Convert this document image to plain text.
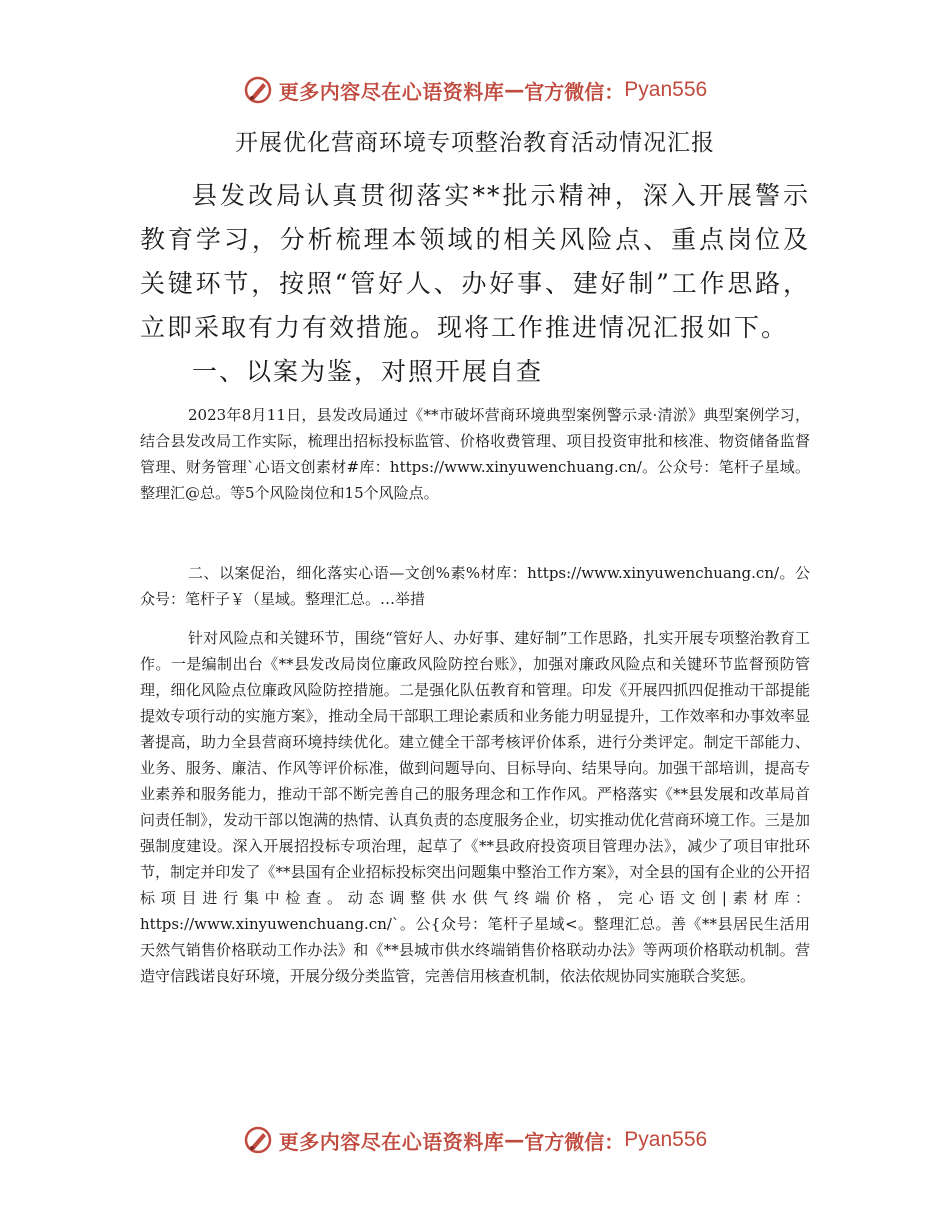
更多内容尽在心语资料库 — 官方微信： Pyan556
开展优化营商环境专项整治教育活动情况汇报
县发改局认真贯彻落实**批示精神，深入开展警示教育学习，分析梳理本领域的相关风险点、重点岗位及关键环节，按照“管好人、办好事、建好制”工作思路，立即采取有力有效措施。现将工作推进情况汇报如下。
一、以案为鉴，对照开展自查
2023年8月11日，县发改局通过《**市破坏营商环境典型案例警示录·清淤》典型案例学习，结合县发改局工作实际，梳理出招标投标监管、价格收费管理、项目投资审批和核准、物资储备监督管理、财务管理`心语文创素材#库：https://www.xinyuwenchuang.cn/。公众号：笔杆子星域。整理汇@总。等5个风险岗位和15个风险点。
二、以案促治，细化落实心语—文创%素%材库：https://www.xinyuwenchuang.cn/。公众号：笔杆子￥（星域。整理汇总。…举措
针对风险点和关键环节，围绕“管好人、办好事、建好制”工作思路，扎实开展专项整治教育工作。一是编制出台《**县发改局岗位廉政风险防控台账》，加强对廉政风险点和关键环节监督预防管理，细化风险点位廉政风险防控措施。二是强化队伍教育和管理。印发《开展四抓四促推动干部提能提效专项行动的实施方案》，推动全局干部职工理论素质和业务能力明显提升，工作效率和办事效率显著提高，助力全县营商环境持续优化。建立健全干部考核评价体系，进行分类评定。制定干部能力、业务、服务、廉洁、作风等评价标准，做到问题导向、目标导向、结果导向。加强干部培训，提高专业素养和服务能力，推动干部不断完善自己的服务理念和工作作风。严格落实《**县发展和改革局首问责任制》，发动干部以饱满的热情、认真负责的态度服务企业，切实推动优化营商环境工作。三是加强制度建设。深入开展招投标专项治理，起草了《**县政府投资项目管理办法》，减少了项目审批环节，制定并印发了《**县国有企业招标投标突出问题集中整治工作方案》，对全县的国有企业的公开招标项目进行集中检查。动态调整供水供气终端价格，完心语文创|素材库：https://www.xinyuwenchuang.cn/`。公{众号：笔杆子星域<。整理汇总。善《**县居民生活用天然气销售价格联动工作办法》和《**县城市供水终端销售价格联动办法》等两项价格联动机制。营造守信践诺良好环境，开展分级分类监管，完善信用核查机制，依法依规协同实施联合奖惩。
更多内容尽在心语资料库 — 官方微信： Pyan556
